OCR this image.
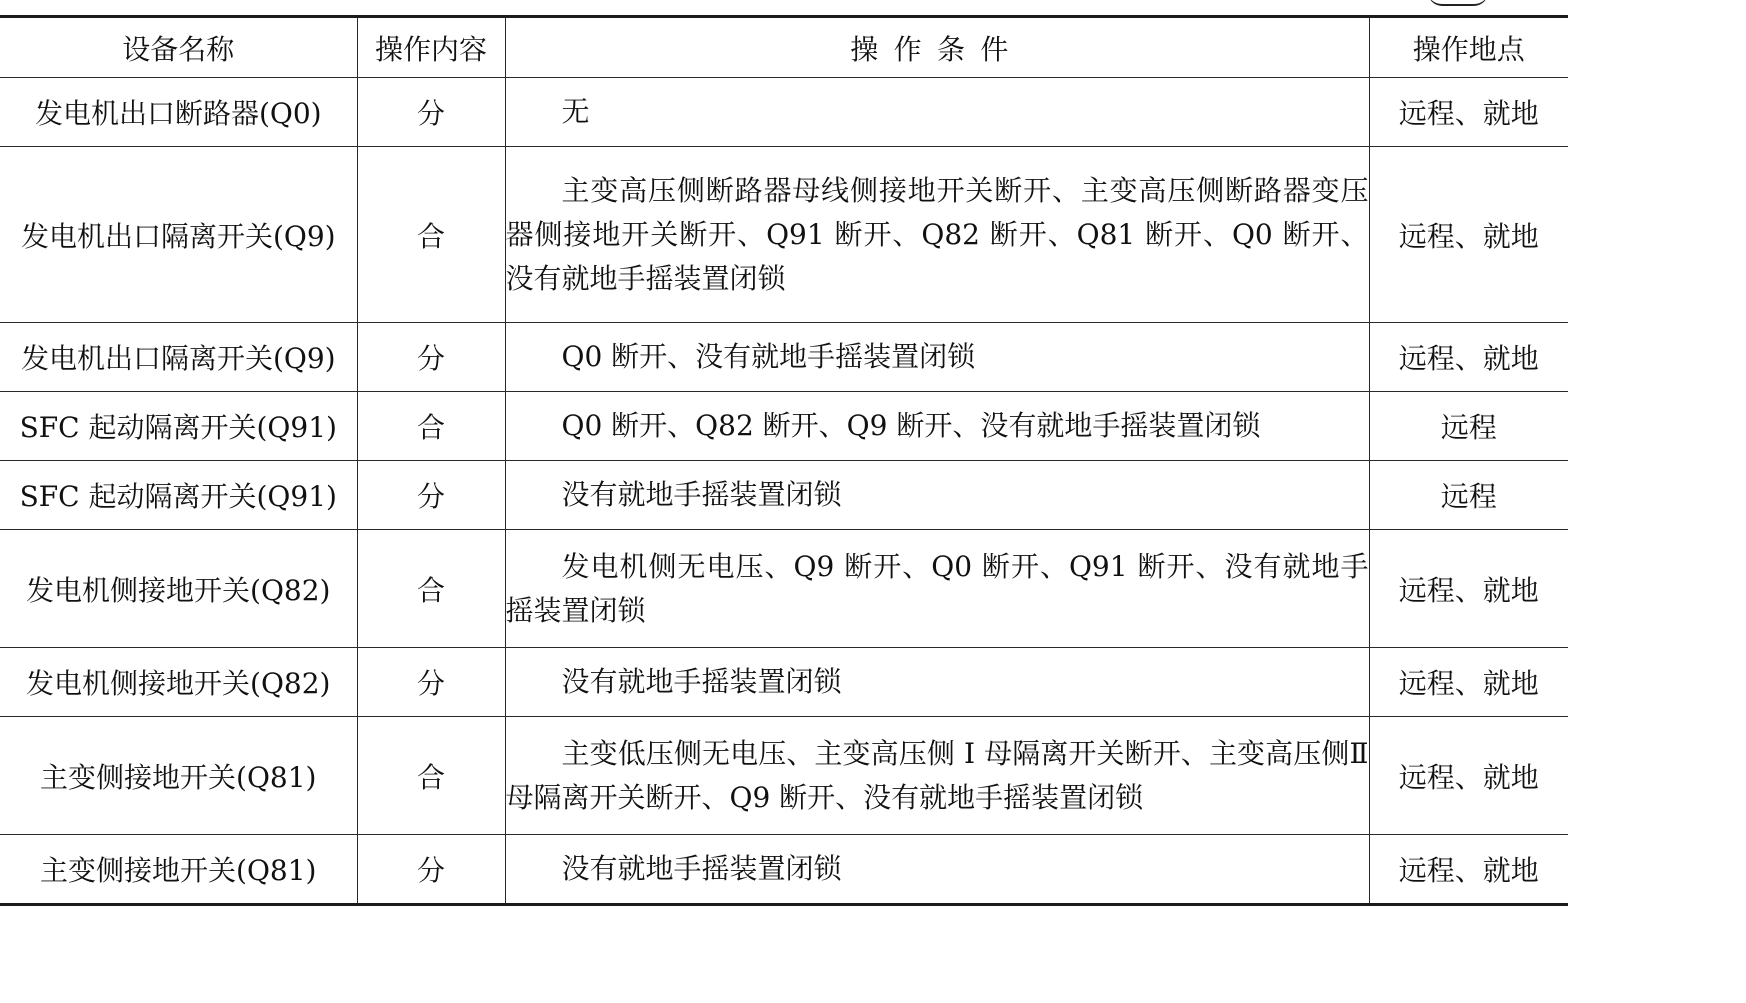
设备名称	操作内容	操作条件	操作地点
发电机出口断路器(Q0)	分	无	远程、就地
发电机出口隔离开关(Q9)	合	主变高压侧断路器母线侧接地开关断开、主变高压侧断路器变压器侧接地开关断开、Q91 断开、Q82 断开、Q81 断开、Q0 断开、没有就地手摇装置闭锁	远程、就地
发电机出口隔离开关(Q9)	分	Q0 断开、没有就地手摇装置闭锁	远程、就地
SFC 起动隔离开关(Q91)	合	Q0 断开、Q82 断开、Q9 断开、没有就地手摇装置闭锁	远程
SFC 起动隔离开关(Q91)	分	没有就地手摇装置闭锁	远程
发电机侧接地开关(Q82)	合	发电机侧无电压、Q9 断开、Q0 断开、Q91 断开、没有就地手摇装置闭锁	远程、就地
发电机侧接地开关(Q82)	分	没有就地手摇装置闭锁	远程、就地
主变侧接地开关(Q81)	合	主变低压侧无电压、主变高压侧 Ⅰ 母隔离开关断开、主变高压侧Ⅱ母隔离开关断开、Q9 断开、没有就地手摇装置闭锁	远程、就地
主变侧接地开关(Q81)	分	没有就地手摇装置闭锁	远程、就地
